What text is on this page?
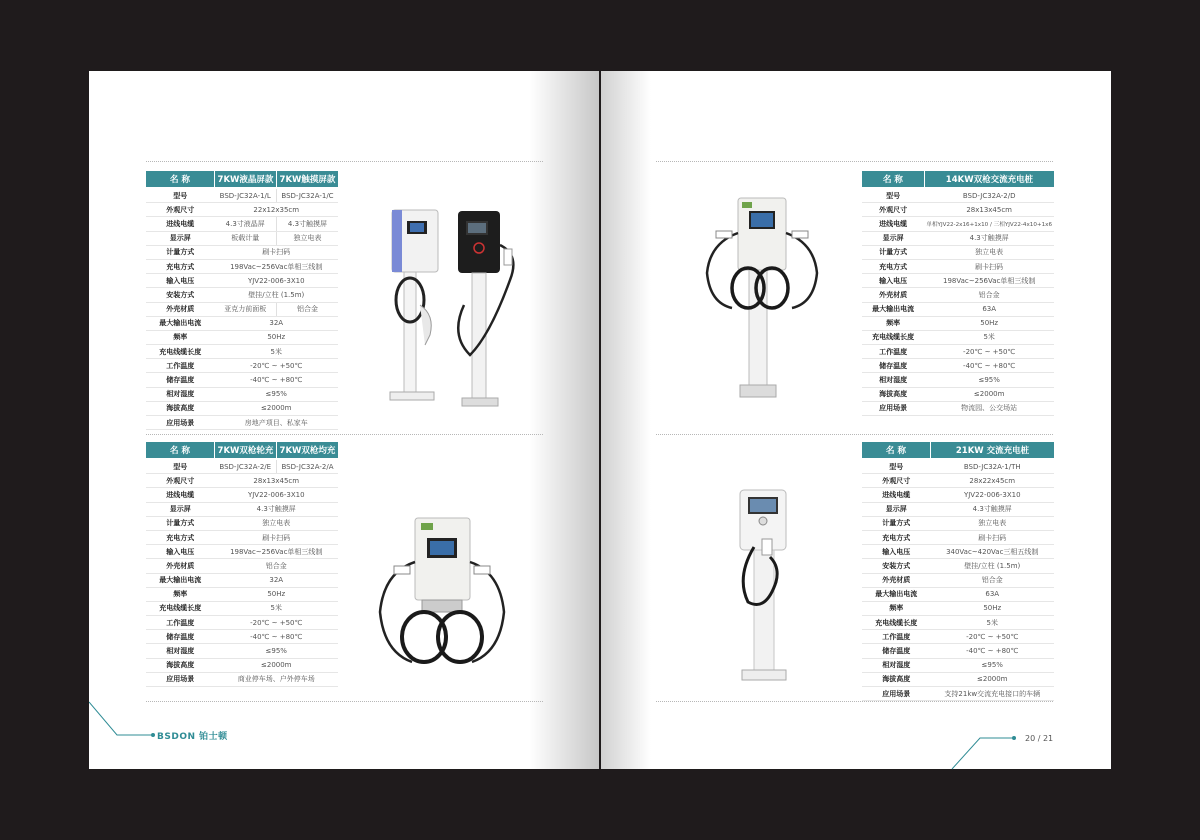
名 称	7KW液晶屏款	7KW触摸屏款
型号	BSD-JC32A-1/L	BSD-JC32A-1/C
外观尺寸	22x12x35cm	
进线电缆	4.3寸液晶屏	4.3寸触摸屏
显示屏	板载计量	独立电表
计量方式	刷卡扫码	
充电方式	198Vac~256Vac单相三线制	
输入电压	YJV22-006-3X10	
安装方式	壁挂/立柱 (1.5m)	
外壳材质	亚克力前面板	铝合金
最大输出电流	32A	
频率	50Hz	
充电线缆长度	5米	
工作温度	-20℃ ~ +50℃	
储存温度	-40℃ ~ +80℃	
相对湿度	≤95%	
海拔高度	≤2000m	
应用场景	房地产项目、私家车	
名 称	7KW双枪轮充	7KW双枪均充
型号	BSD-JC32A-2/E	BSD-JC32A-2/A
外观尺寸	28x13x45cm	
进线电缆	YJV22-006-3X10	
显示屏	4.3寸触摸屏	
计量方式	独立电表	
充电方式	刷卡扫码	
输入电压	198Vac~256Vac单相三线制	
外壳材质	铝合金	
最大输出电流	32A	
频率	50Hz	
充电线缆长度	5米	
工作温度	-20℃ ~ +50℃	
储存温度	-40℃ ~ +80℃	
相对湿度	≤95%	
海拔高度	≤2000m	
应用场景	商业停车场、户外停车场	
名 称	14KW双枪交流充电桩
型号	BSD-JC32A-2/D
外观尺寸	28x13x45cm
进线电缆	单相YJV22-2x16+1x10 / 三相YJV22-4x10+1x6
显示屏	4.3寸触摸屏
计量方式	独立电表
充电方式	刷卡扫码
输入电压	198Vac~256Vac单相三线制
外壳材质	铝合金
最大输出电流	63A
频率	50Hz
充电线缆长度	5米
工作温度	-20℃ ~ +50℃
储存温度	-40℃ ~ +80℃
相对湿度	≤95%
海拔高度	≤2000m
应用场景	物流园、公交场站
名 称	21KW 交流充电桩
型号	BSD-JC32A-1/TH
外观尺寸	28x22x45cm
进线电缆	YJV22-006-3X10
显示屏	4.3寸触摸屏
计量方式	独立电表
充电方式	刷卡扫码
输入电压	340Vac~420Vac三相五线制
安装方式	壁挂/立柱 (1.5m)
外壳材质	铝合金
最大输出电流	63A
频率	50Hz
充电线缆长度	5米
工作温度	-20℃ ~ +50℃
储存温度	-40℃ ~ +80℃
相对湿度	≤95%
海拔高度	≤2000m
应用场景	支持21kw交流充电接口的车辆
BSDON 铂士顿	20 / 21
